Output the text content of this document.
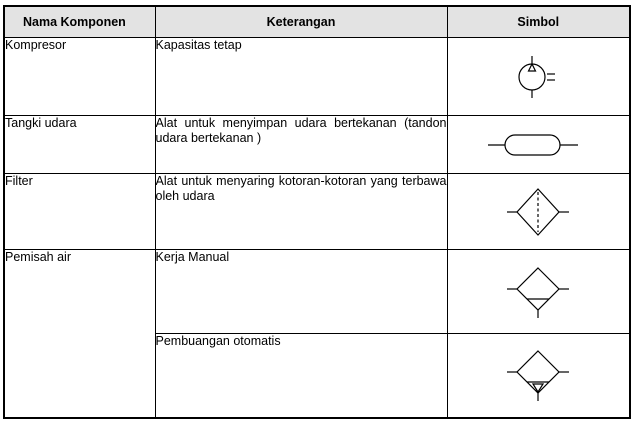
Nama Komponen	Keterangan	Simbol
Kompresor	Kapasitas tetap	

Tangki udara	Alat untuk menyimpan udara bertekanan (tandon udara bertekanan )	

Filter	Alat untuk menyaring kotoran-kotoran yang terbawa oleh udara	

Pemisah air	Kerja Manual	

	Pembuangan otomatis	
